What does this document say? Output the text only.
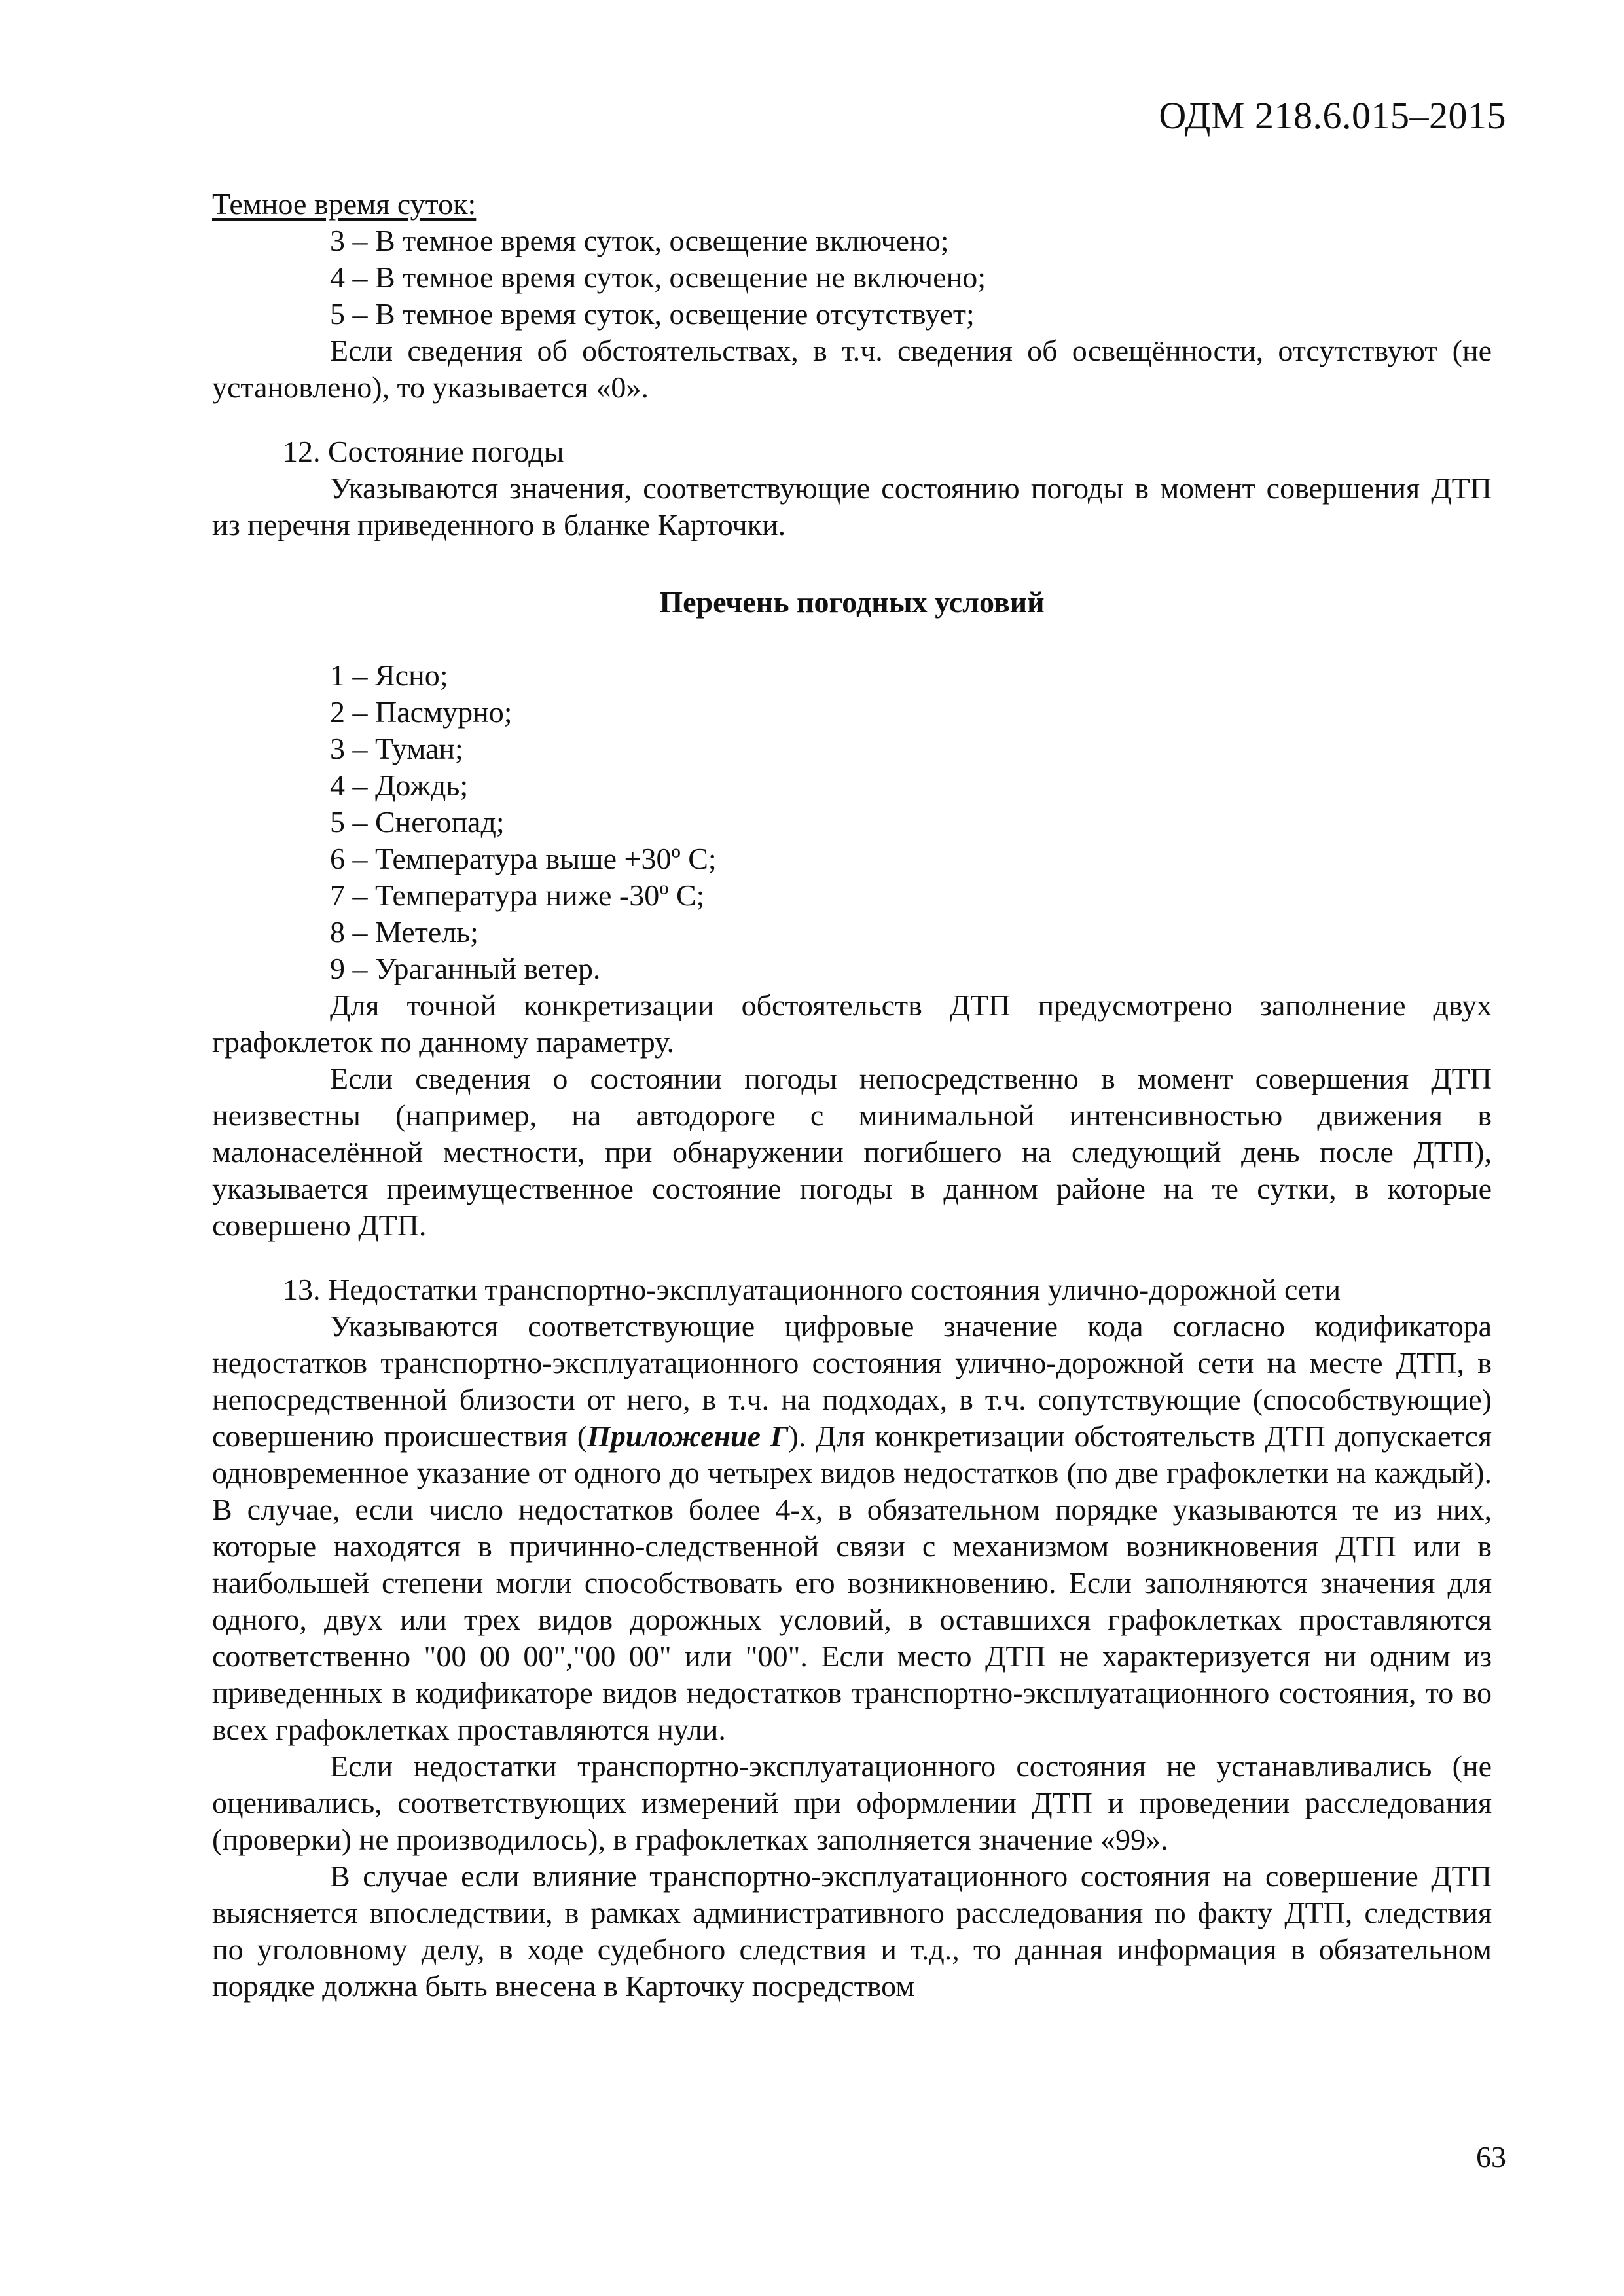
ОДМ 218.6.015–2015

Темное время суток:

3 – В темное время суток, освещение включено;

4 – В темное время суток, освещение не включено;

5 – В темное время суток, освещение отсутствует;

Если сведения об обстоятельствах, в т.ч. сведения об освещённости, отсутствуют (не установлено), то указывается «0».

12. Состояние погоды

Указываются значения, соответствующие состоянию погоды в момент совершения ДТП из перечня приведенного в бланке Карточки.

Перечень погодных условий

1 – Ясно;

2 – Пасмурно;

3 – Туман;

4 – Дождь;

5 – Снегопад;

6 – Температура выше +30º С;

7 – Температура ниже -30º С;

8 – Метель;

9 – Ураганный ветер.

Для точной конкретизации обстоятельств ДТП предусмотрено заполнение двух графоклеток по данному параметру.

Если сведения о состоянии погоды непосредственно в момент совершения ДТП неизвестны (например, на автодороге с минимальной интенсивностью движения в малонаселённой местности, при обнаружении погибшего на следующий день после ДТП), указывается преимущественное состояние погоды в данном районе на те сутки, в которые совершено ДТП.

13. Недостатки транспортно-эксплуатационного состояния улично-дорожной сети

Указываются соответствующие цифровые значение кода согласно кодификатора недостатков транспортно-эксплуатационного состояния улично-дорожной сети на месте ДТП, в непосредственной близости от него, в т.ч. на подходах, в т.ч. сопутствующие (способствующие) совершению происшествия (Приложение Г). Для конкретизации обстоятельств ДТП допускается одновременное указание от одного до четырех видов недостатков (по две графоклетки на каждый). В случае, если число недостатков более 4-х, в обязательном порядке указываются те из них, которые находятся в причинно-следственной связи с механизмом возникновения ДТП или в наибольшей степени могли способствовать его возникновению. Если заполняются значения для одного, двух или трех видов дорожных условий, в оставшихся графоклетках проставляются соответственно "00 00 00","00 00" или "00". Если место ДТП не характеризуется ни одним из приведенных в кодификаторе видов недостатков транспортно-эксплуатационного состояния, то во всех графоклетках проставляются нули.

Если недостатки транспортно-эксплуатационного состояния не устанавливались (не оценивались, соответствующих измерений при оформлении ДТП и проведении расследования (проверки) не производилось), в графоклетках заполняется значение «99».

В случае если влияние транспортно-эксплуатационного состояния на совершение ДТП выясняется впоследствии, в рамках административного расследования по факту ДТП, следствия по уголовному делу, в ходе судебного следствия и т.д., то данная информация в обязательном порядке должна быть внесена в Карточку посредством

63
